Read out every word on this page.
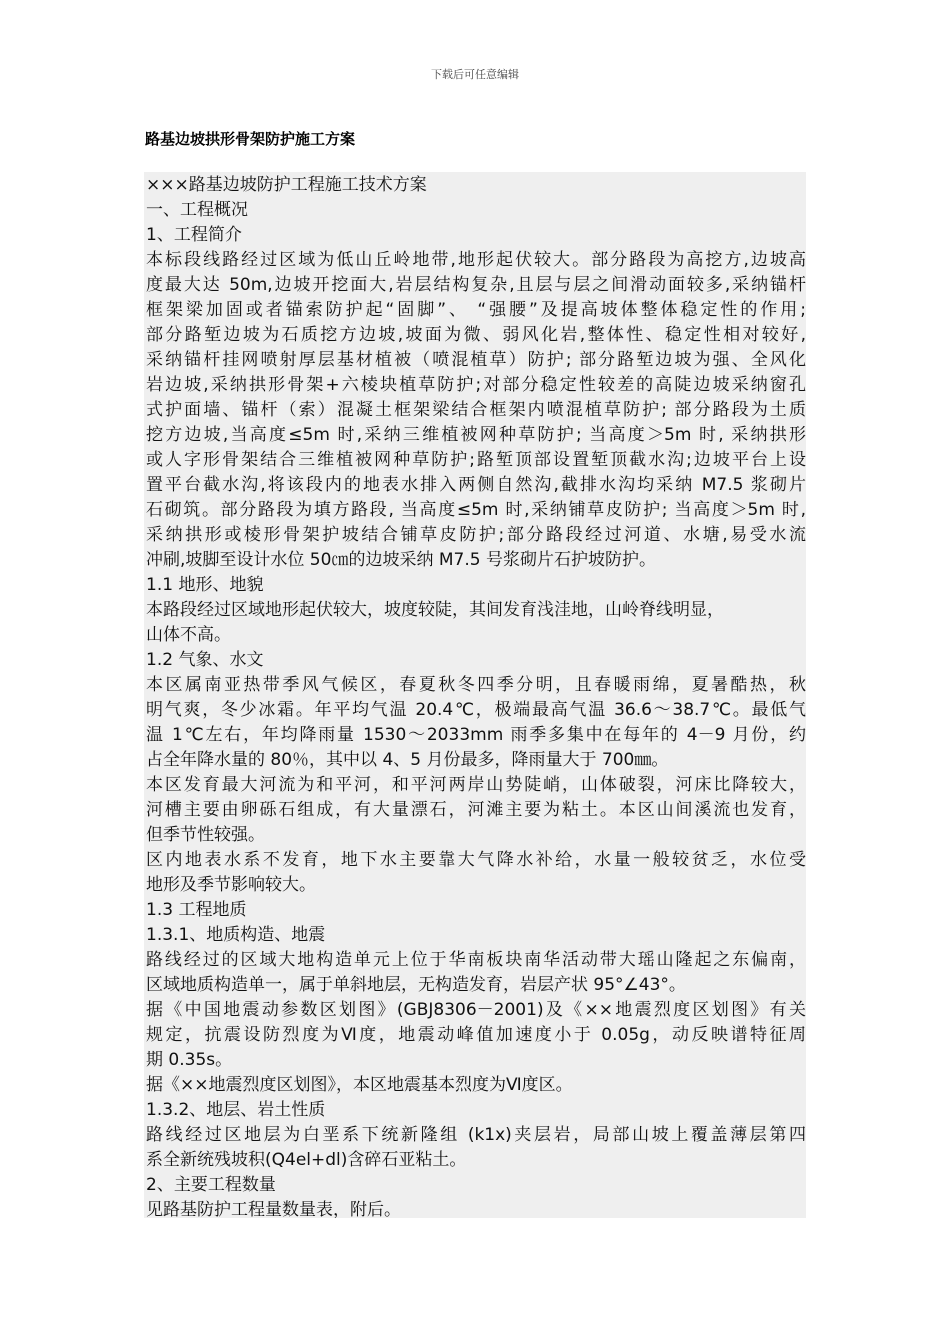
下载后可任意编辑
路基边坡拱形骨架防护施工方案
×××路基边坡防护工程施工技术方案
一、工程概况
1、工程简介
本标段线路经过区域为低山丘岭地带,地形起伏较大。部分路段为高挖方,边坡高
度最大达 50m,边坡开挖面大,岩层结构复杂,且层与层之间滑动面较多,采纳锚杆
框架梁加固或者锚索防护起“固脚”、 “强腰”及提高坡体整体稳定性的作用;
部分路堑边坡为石质挖方边坡,坡面为微、弱风化岩,整体性、稳定性相对较好,
采纳锚杆挂网喷射厚层基材植被（喷混植草）防护; 部分路堑边坡为强、全风化
岩边坡,采纳拱形骨架+六棱块植草防护;对部分稳定性较差的高陡边坡采纳窗孔
式护面墙、锚杆（索）混凝土框架梁结合框架内喷混植草防护; 部分路段为土质
挖方边坡,当高度≤5m 时,采纳三维植被网种草防护; 当高度＞5m 时, 采纳拱形
或人字形骨架结合三维植被网种草防护;路堑顶部设置堑顶截水沟;边坡平台上设
置平台截水沟,将该段内的地表水排入两侧自然沟,截排水沟均采纳 M7.5 浆砌片
石砌筑。部分路段为填方路段, 当高度≤5m 时,采纳铺草皮防护; 当高度＞5m 时,
采纳拱形或棱形骨架护坡结合铺草皮防护;部分路段经过河道、水塘,易受水流
冲刷,坡脚至设计水位 50㎝的边坡采纳 M7.5 号浆砌片石护坡防护。
1.1 地形、地貌
本路段经过区域地形起伏较大，坡度较陡，其间发育浅洼地，山岭脊线明显，
山体不高。
1.2 气象、水文
本区属南亚热带季风气候区，春夏秋冬四季分明，且春暖雨绵，夏暑酷热，秋
明气爽，冬少冰霜。年平均气温 20.4℃，极端最高气温 36.6～38.7℃。最低气
温 1℃左右，年均降雨量 1530～2033mm 雨季多集中在每年的 4－9 月份，约
占全年降水量的 80％，其中以 4、5 月份最多，降雨量大于 700㎜。
本区发育最大河流为和平河，和平河两岸山势陡峭，山体破裂，河床比降较大，
河槽主要由卵砾石组成，有大量漂石，河滩主要为粘土。本区山间溪流也发育，
但季节性较强。
区内地表水系不发育，地下水主要靠大气降水补给，水量一般较贫乏，水位受
地形及季节影响较大。
1.3 工程地质
1.3.1、地质构造、地震
路线经过的区域大地构造单元上位于华南板块南华活动带大瑶山隆起之东偏南，
区域地质构造单一，属于单斜地层，无构造发育，岩层产状 95°∠43°。
据《中国地震动参数区划图》(GBJ8306－2001)及《××地震烈度区划图》有关
规定，抗震设防烈度为Ⅵ度，地震动峰值加速度小于 0.05g，动反映谱特征周
期 0.35s。
据《××地震烈度区划图》，本区地震基本烈度为Ⅵ度区。
1.3.2、地层、岩土性质
路线经过区地层为白垩系下统新隆组 (k1x)夹层岩，局部山坡上覆盖薄层第四
系全新统残坡积(Q4el+dl)含碎石亚粘土。
2、主要工程数量
见路基防护工程量数量表，附后。
